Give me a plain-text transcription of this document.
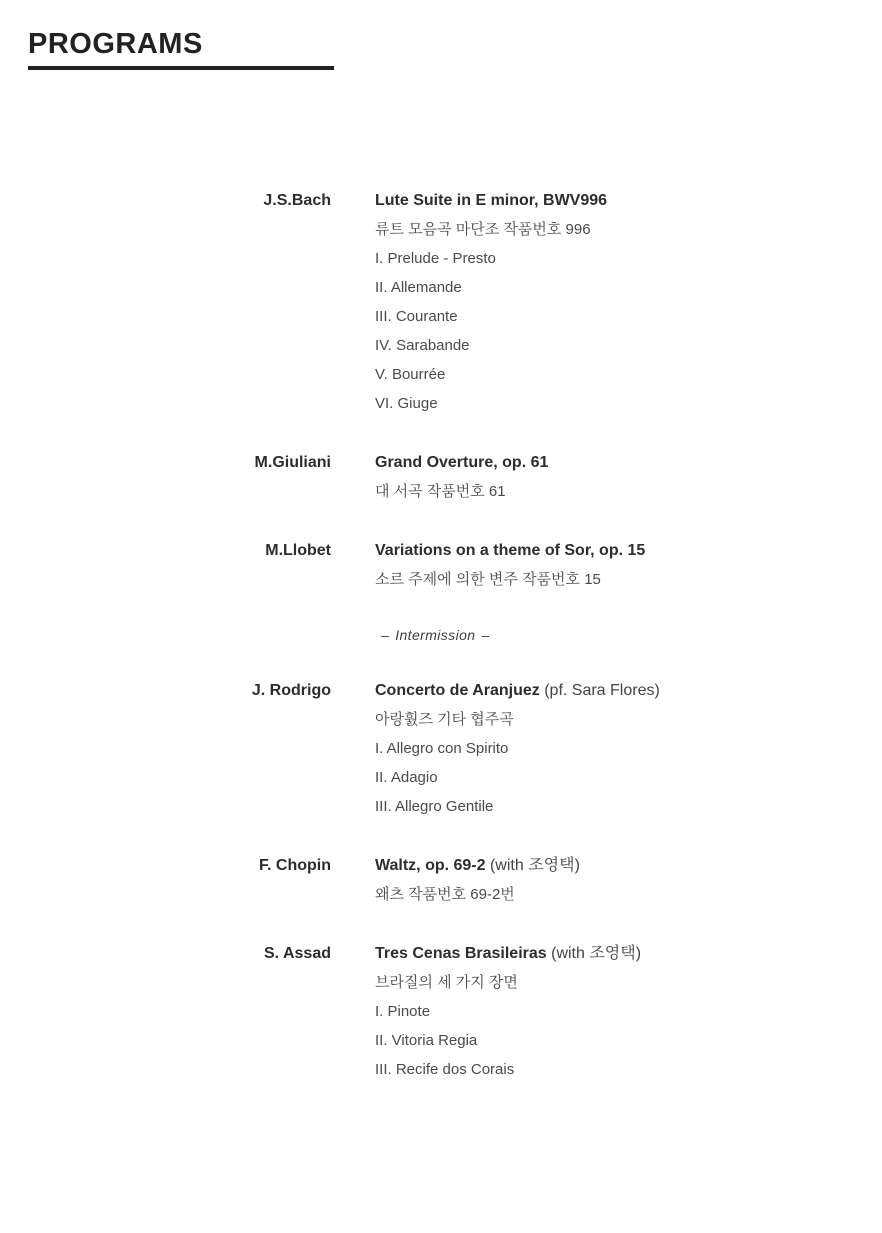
PROGRAMS
J.S.Bach	Lute Suite in E minor, BWV996
류트 모음곡 마단조 작품번호 996
I. Prelude - Presto
II. Allemande
III. Courante
IV. Sarabande
V. Bourrée
VI. Giuge
M.Giuliani	Grand Overture, op. 61
대 서곡 작품번호 61
M.Llobet	Variations on a theme of Sor, op. 15
소르 주제에 의한 변주 작품번호 15
– Intermission –
J. Rodrigo	Concerto de Aranjuez (pf. Sara Flores)
아랑훬즈 기타 협주곡
I. Allegro con Spirito
II. Adagio
III. Allegro Gentile
F. Chopin	Waltz, op. 69-2 (with 조영택)
왜츠 작품번호 69-2번
S. Assad	Tres Cenas Brasileiras (with 조영택)
브라질의 세 가지 장면
I. Pinote
II. Vitoria Regia
III. Recife dos Corais
